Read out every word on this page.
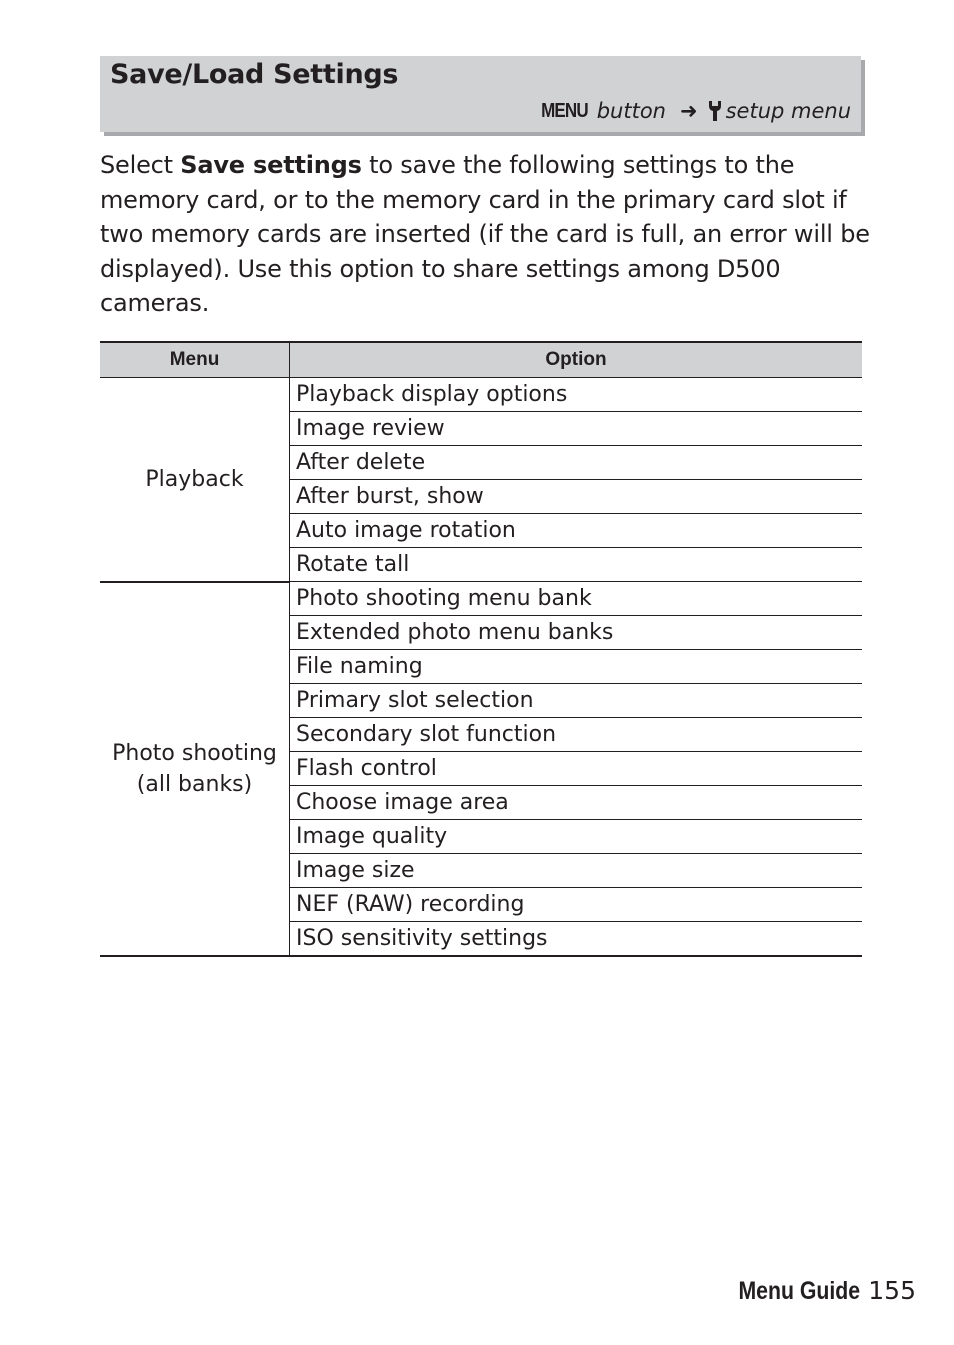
Save/Load Settings
MENU button ➜ setup menu
Select Save settings to save the following settings to the memory card, or to the memory card in the primary card slot if two memory cards are inserted (if the card is full, an error will be displayed). Use this option to share settings among D500 cameras.
Menu	Option
Playback	Playback display options
	Image review
	After delete
	After burst, show
	Auto image rotation
	Rotate tall
Photo shooting (all banks)	Photo shooting menu bank
	Extended photo menu banks
	File naming
	Primary slot selection
	Secondary slot function
	Flash control
	Choose image area
	Image quality
	Image size
	NEF (RAW) recording
	ISO sensitivity settings
Menu Guide 155
